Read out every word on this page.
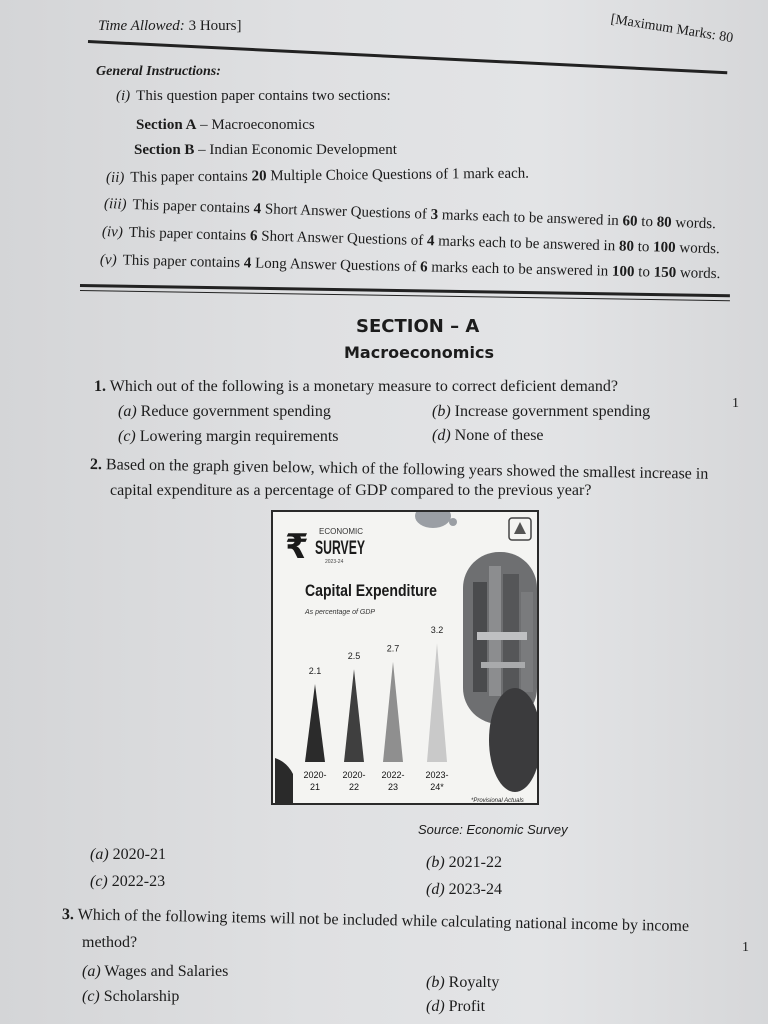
Time Allowed: 3 Hours]	[Maximum Marks: 80
General Instructions:
(i) This question paper contains two sections:
Section A – Macroeconomics
Section B – Indian Economic Development
(ii) This paper contains 20 Multiple Choice Questions of 1 mark each.
(iii) This paper contains 4 Short Answer Questions of 3 marks each to be answered in 60 to 80 words.
(iv) This paper contains 6 Short Answer Questions of 4 marks each to be answered in 80 to 100 words.
(v) This paper contains 4 Long Answer Questions of 6 marks each to be answered in 100 to 150 words.
SECTION – A
Macroeconomics
1. Which out of the following is a monetary measure to correct deficient demand?
1
(a) Reduce government spending	(b) Increase government spending
(c) Lowering margin requirements	(d) None of these
2. Based on the graph given below, which of the following years showed the smallest increase in
capital expenditure as a percentage of GDP compared to the previous year?
₹ ECONOMIC
SURVEY
2023-24
Capital Expenditure
As percentage of GDP
2.1
2.5
2.7
3.2
2020-
21
2020-
22
2022-
23
2023-
24*
*Provisional Actuals
Source: Economic Survey
(a) 2020-21	(b) 2021-22
(c) 2022-23	(d) 2023-24
3. Which of the following items will not be included while calculating national income by income
method?	1
(a) Wages and Salaries
(b) Royalty
(c) Scholarship
(d) Profit
